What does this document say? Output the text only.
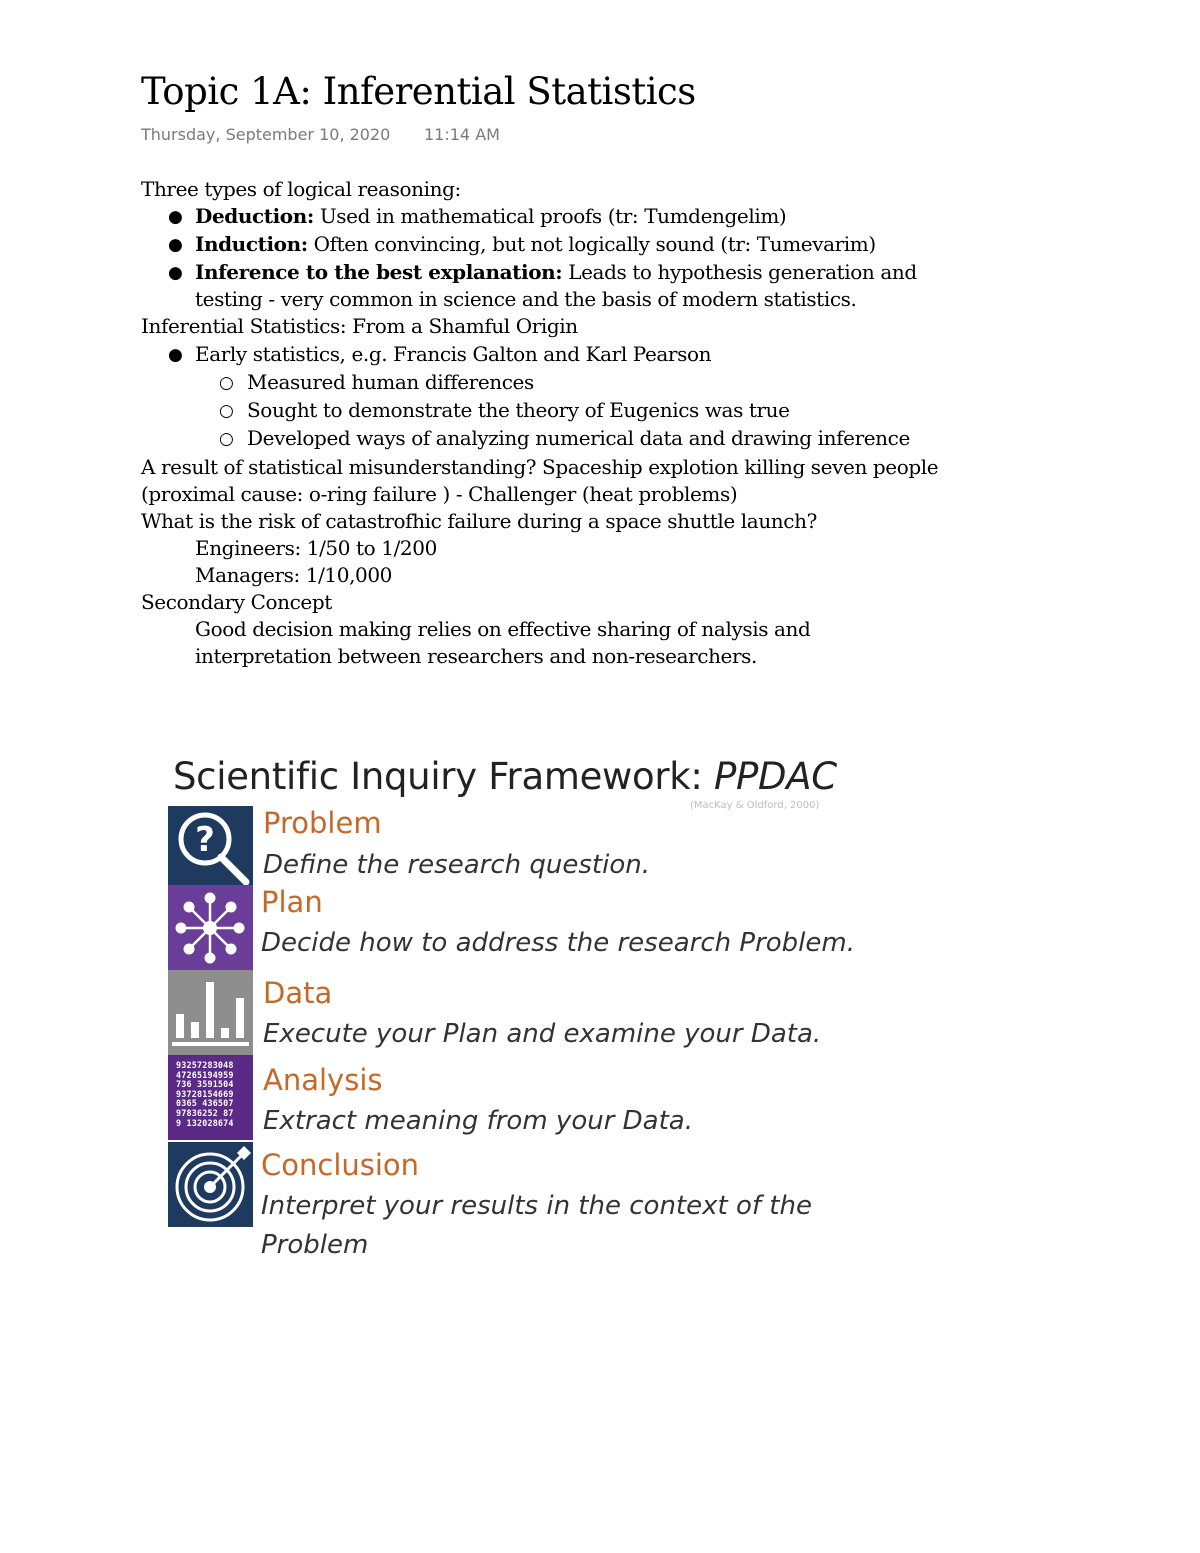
Topic 1A: Inferential Statistics
Thursday, September 10, 2020 11:14 AM
Three types of logical reasoning:
● Deduction: Used in mathematical proofs (tr: Tumdengelim)
● Induction: Often convincing, but not logically sound (tr: Tumevarim)
● Inference to the best explanation: Leads to hypothesis generation and
testing - very common in science and the basis of modern statistics.
Inferential Statistics: From a Shamful Origin
● Early statistics, e.g. Francis Galton and Karl Pearson
○ Measured human differences
○ Sought to demonstrate the theory of Eugenics was true
○ Developed ways of analyzing numerical data and drawing inference
A result of statistical misunderstanding? Spaceship explotion killing seven people
(proximal cause: o-ring failure ) - Challenger (heat problems)
What is the risk of catastrofhic failure during a space shuttle launch?
Engineers: 1/50 to 1/200
Managers: 1/10,000
Secondary Concept
Good decision making relies on effective sharing of nalysis and
interpretation between researchers and non-researchers.
Scientific Inquiry Framework: PPDAC
(MacKay & Oldford, 2000)
? Problem
Define the research question.
Plan
Decide how to address the research Problem.
Data
Execute your Plan and examine your Data.
93257283048
47265194959
736 3591504
93728154669
0365 436507
97836252 87
9 132028674
Analysis
Extract meaning from your Data.
Conclusion
Interpret your results in the context of the
Problem
